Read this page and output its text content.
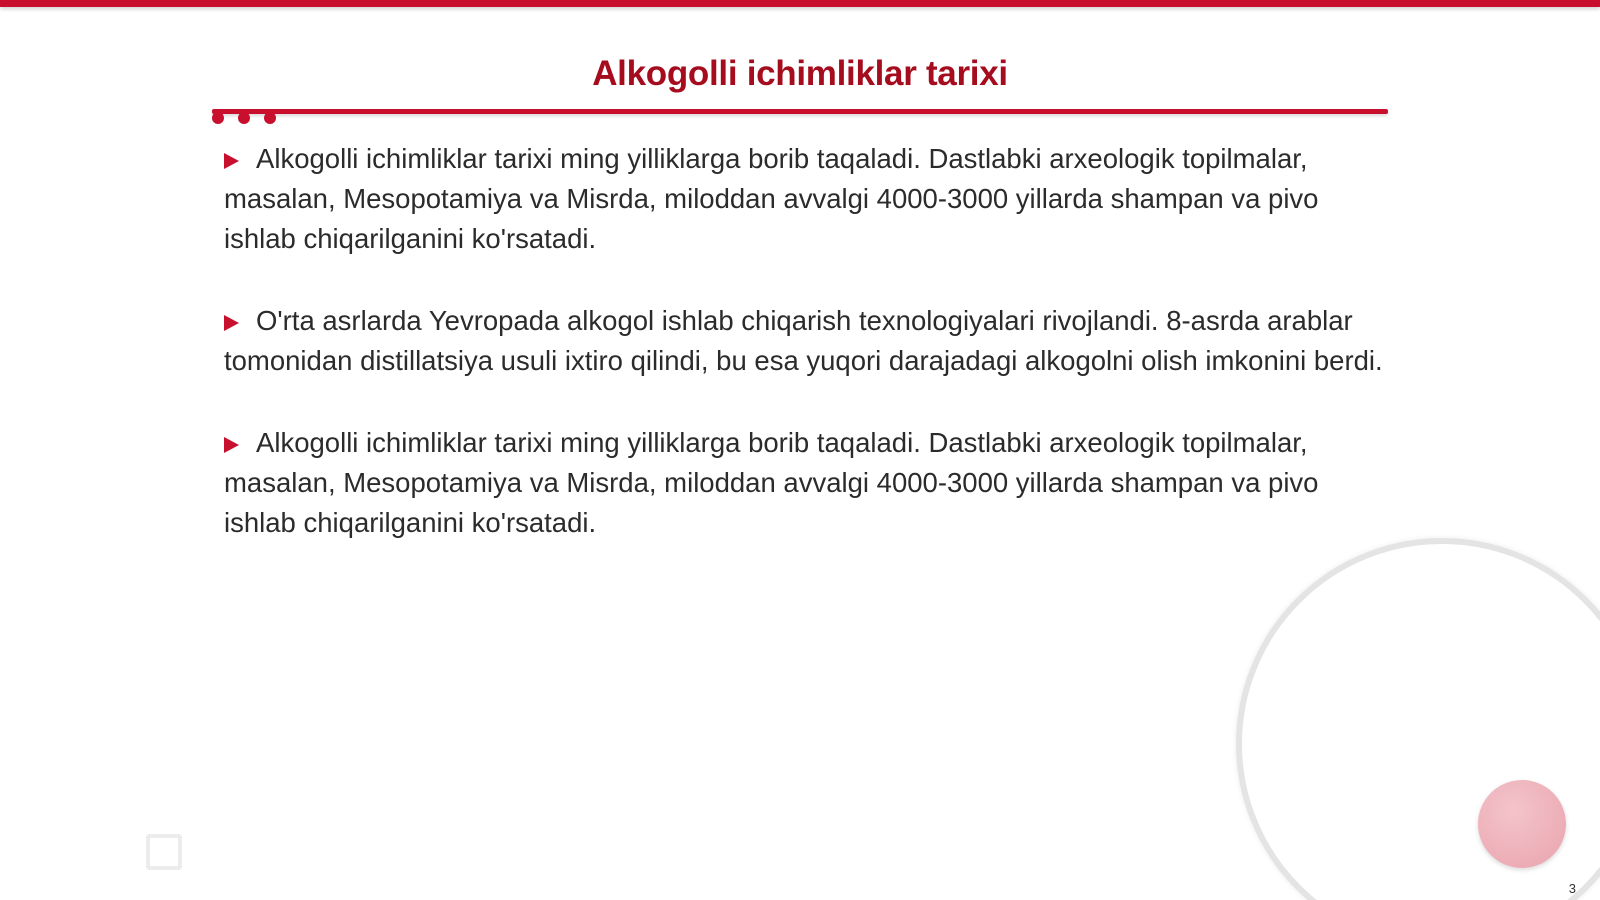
Alkogolli ichimliklar tarixi
Alkogolli ichimliklar tarixi ming yilliklarga borib taqaladi. Dastlabki arxeologik topilmalar, masalan, Mesopotamiya va Misrda, miloddan avvalgi 4000-3000 yillarda shampan va pivo ishlab chiqarilganini ko'rsatadi.
O'rta asrlarda Yevropada alkogol ishlab chiqarish texnologiyalari rivojlandi. 8-asrda arablar tomonidan distillatsiya usuli ixtiro qilindi, bu esa yuqori darajadagi alkogolni olish imkonini berdi.
Alkogolli ichimliklar tarixi ming yilliklarga borib taqaladi. Dastlabki arxeologik topilmalar, masalan, Mesopotamiya va Misrda, miloddan avvalgi 4000-3000 yillarda shampan va pivo ishlab chiqarilganini ko'rsatadi.
3
